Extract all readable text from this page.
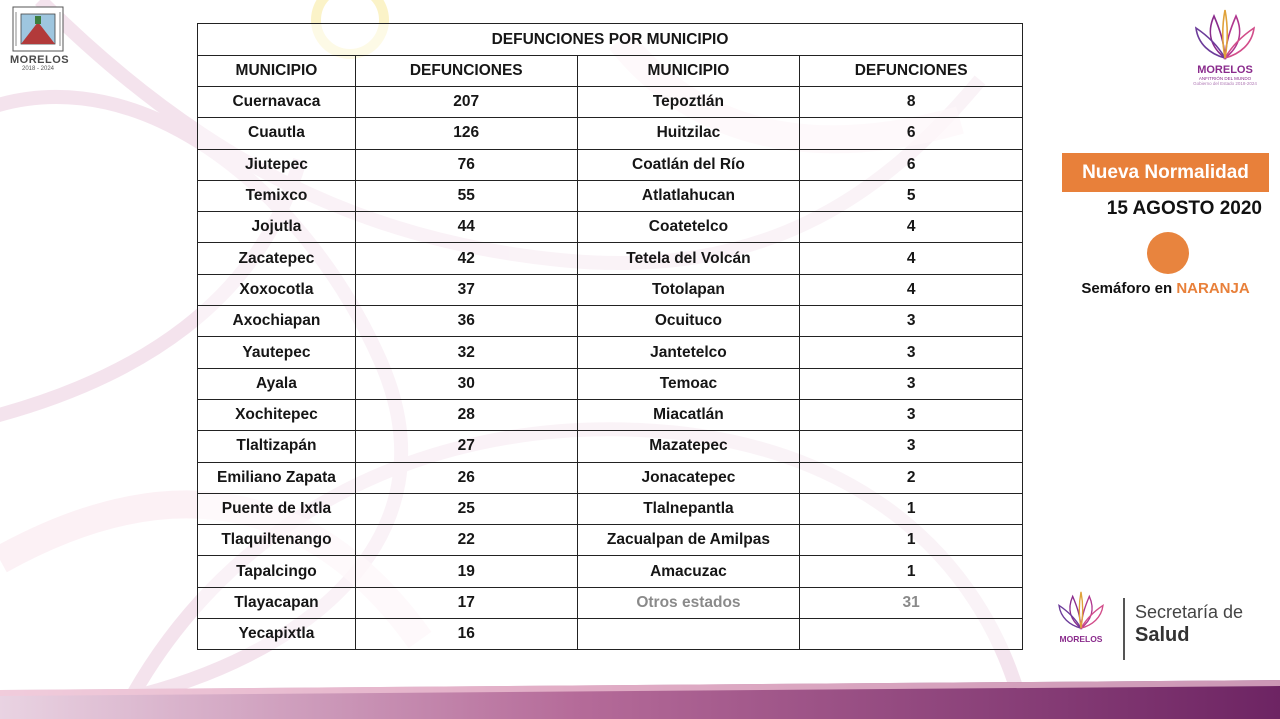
MORELOS
2018 - 2024
DEFUNCIONES POR MUNICIPIO			
MUNICIPIO	DEFUNCIONES	MUNICIPIO	DEFUNCIONES
Cuernavaca	207	Tepoztlán	8
Cuautla	126	Huitzilac	6
Jiutepec	76	Coatlán del Río	6
Temixco	55	Atlatlahucan	5
Jojutla	44	Coatetelco	4
Zacatepec	42	Tetela del Volcán	4
Xoxocotla	37	Totolapan	4
Axochiapan	36	Ocuituco	3
Yautepec	32	Jantetelco	3
Ayala	30	Temoac	3
Xochitepec	28	Miacatlán	3
Tlaltizapán	27	Mazatepec	3
Emiliano Zapata	26	Jonacatepec	2
Puente de Ixtla	25	Tlalnepantla	1
Tlaquiltenango	22	Zacualpan de Amilpas	1
Tapalcingo	19	Amacuzac	1
Tlayacapan	17	Otros estados	31
Yecapixtla	16		
MORELOS
ANFITRIÓN DEL MUNDO
Gobierno del Estado 2018-2024
Nueva Normalidad
15 AGOSTO 2020
Semáforo en NARANJA
MORELOS
Secretaría de
Salud
